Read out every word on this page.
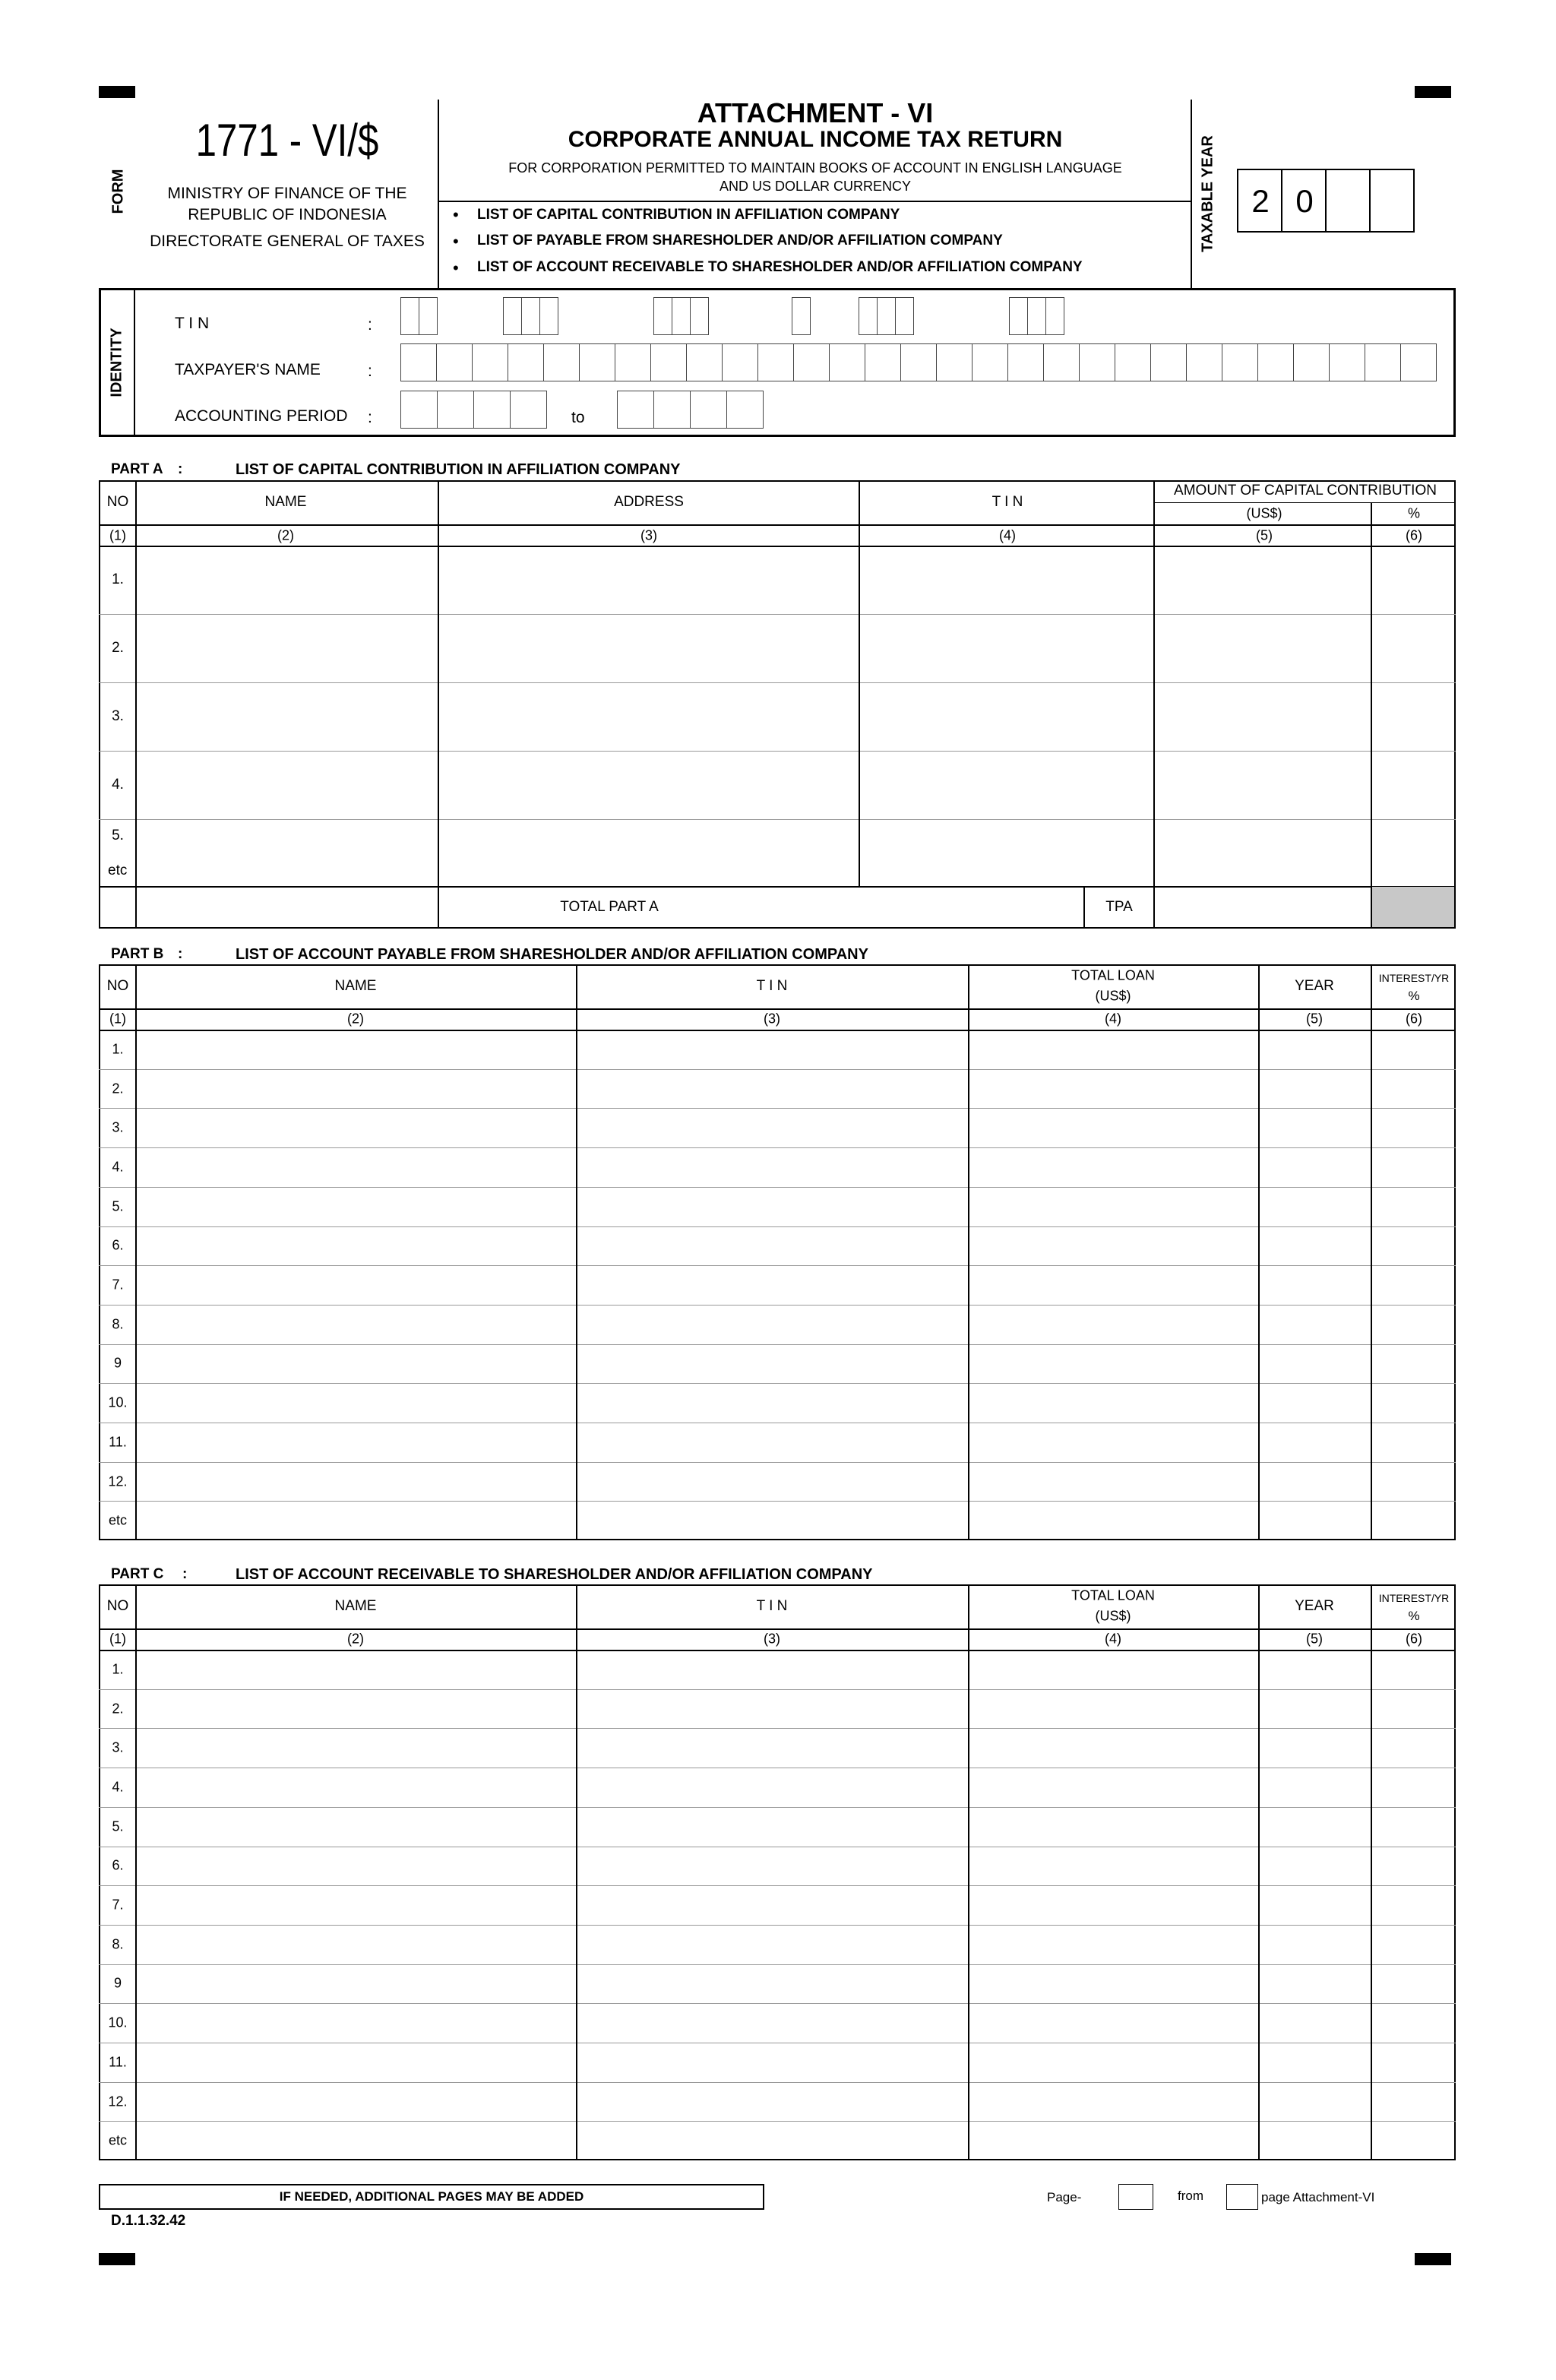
FORM
1771 - VI/$
MINISTRY OF FINANCE OF THE
REPUBLIC OF INDONESIA
DIRECTORATE GENERAL OF TAXES
ATTACHMENT - VI
CORPORATE ANNUAL INCOME TAX RETURN
FOR CORPORATION PERMITTED TO MAINTAIN BOOKS OF ACCOUNT IN ENGLISH LANGUAGE
AND US DOLLAR CURRENCY
• LIST OF CAPITAL CONTRIBUTION IN AFFILIATION COMPANY
• LIST OF PAYABLE FROM SHARESHOLDER AND/OR AFFILIATION COMPANY
• LIST OF ACCOUNT RECEIVABLE TO SHARESHOLDER AND/OR AFFILIATION COMPANY
TAXABLE YEAR 2 0
IDENTITY
T I N	:
TAXPAYER'S NAME	:
ACCOUNTING PERIOD :	to
PART A :	LIST OF CAPITAL CONTRIBUTION IN AFFILIATION COMPANY
NO	NAME	ADDRESS	T I N
AMOUNT OF CAPITAL CONTRIBUTION
(US$)	%
(1)	(2)	(3)	(4)	(5)	(6)
1.
2.
3.
4.
5.
etc
TOTAL PART A	TPA
PART B :	LIST OF ACCOUNT PAYABLE FROM SHARESHOLDER AND/OR AFFILIATION COMPANY
NO	NAME	T I N
TOTAL LOAN
(US$)
YEAR	INTEREST/YR
%
(1)	(2)	(3)	(4)	(5)	(6)
1.
2.
3.
4.
5.
6.
7.
8.
9
10.
11.
12.
etc
PART C :	LIST OF ACCOUNT RECEIVABLE TO SHARESHOLDER AND/OR AFFILIATION COMPANY
NO	NAME	T I N
TOTAL LOAN
(US$)
YEAR	INTEREST/YR
%
(1)	(2)	(3)	(4)	(5)	(6)
1.
2.
3.
4.
5.
6.
7.
8.
9
10.
11.
12.
etc
IF NEEDED, ADDITIONAL PAGES MAY BE ADDED
D.1.1.32.42
Page-	from	page Attachment-VI
